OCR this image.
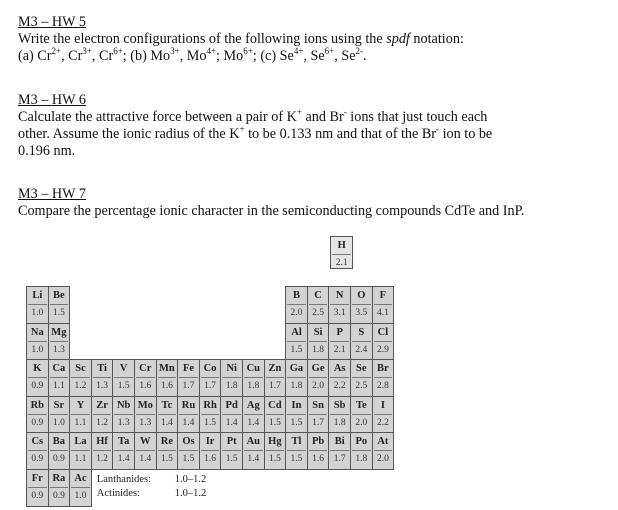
M3 – HW 5
Write the electron configurations of the following ions using the spdf notation:
(a) $Cr^{2+}$, $Cr^{3+}$, $Cr^{6+}$; (b) $Mo^{3+}$, $Mo^{4+}$; $Mo^{6+}$; (c) $Se^{4+}$, $Se^{6+}$, $Se^{2-}$.
M3 – HW 6
Calculate the attractive force between a pair of K+ and Br- ions that just touch each
other. Assume the ionic radius of the K+ to be 0.133 nm and that of the Br- ion to be
0.196 nm.
M3 – HW 7
Compare the percentage ionic character in the semiconducting compounds CdTe and InP.
H
2.1
Li
1.0
Be
1.5
B
2.0
C
2.5
N
3.1
O
3.5
F
4.1
Na
1.0
Mg
1.3
Al
1.5
Si
1.8
P
2.1
S
2.4
Cl
2.9
K
0.9
Ca
1.1
Sc
1.2
Ti
1.3
V
1.5
Cr
1.6
Mn
1.6
Fe
1.7
Co
1.7
Ni
1.8
Cu
1.8
Zn
1.7
Ga
1.8
Ge
2.0
As
2.2
Se
2.5
Br
2.8
Rb
0.9
Sr
1.0
Y
1.1
Zr
1.2
Nb
1.3
Mo
1.3
Tc
1.4
Ru
1.4
Rh
1.5
Pd
1.4
Ag
1.4
Cd
1.5
In
1.5
Sn
1.7
Sb
1.8
Te
2.0
I
2.2
Cs
0.9
Ba
0.9
La
1.1
Hf
1.2
Ta
1.4
W
1.4
Re
1.5
Os
1.5
Ir
1.6
Pt
1.5
Au
1.4
Hg
1.5
Tl
1.5
Pb
1.6
Bi
1.7
Po
1.8
At
2.0
Fr
0.9
Ra
0.9
Ac
1.0
Lanthanides: 1.0–1.2
Actinides:	1.0–1.2
